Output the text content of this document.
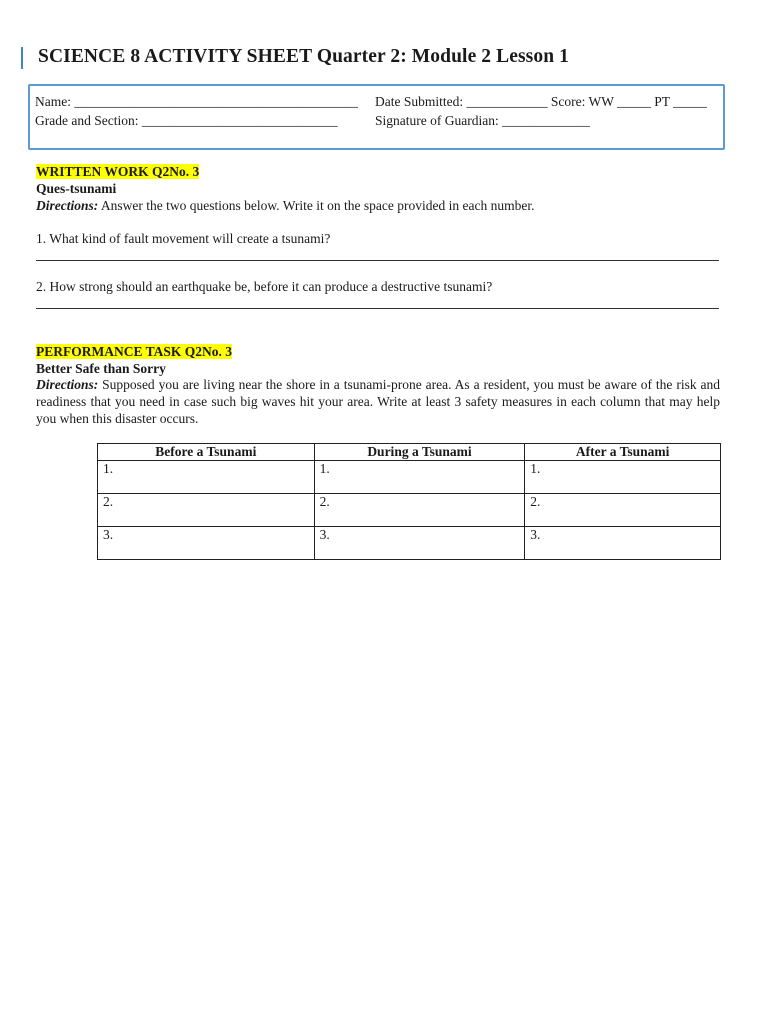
SCIENCE 8 ACTIVITY SHEET Quarter 2: Module 2 Lesson 1
Name: __________________________________________ Date Submitted: ____________ Score: WW _____ PT _____
Grade and Section: _____________________________	Signature of Guardian: _____________
WRITTEN WORK Q2No. 3
Ques-tsunami
Directions: Answer the two questions below. Write it on the space provided in each number.
1. What kind of fault movement will create a tsunami?
2. How strong should an earthquake be, before it can produce a destructive tsunami?
PERFORMANCE TASK Q2No. 3
Better Safe than Sorry
Directions: Supposed you are living near the shore in a tsunami-prone area. As a resident, you must be aware of the risk and readiness that you need in case such big waves hit your area. Write at least 3 safety measures in each column that may help you when this disaster occurs.
Before a Tsunami	During a Tsunami	After a Tsunami
1.	1.	1.
2.	2.	2.
3.	3.	3.
